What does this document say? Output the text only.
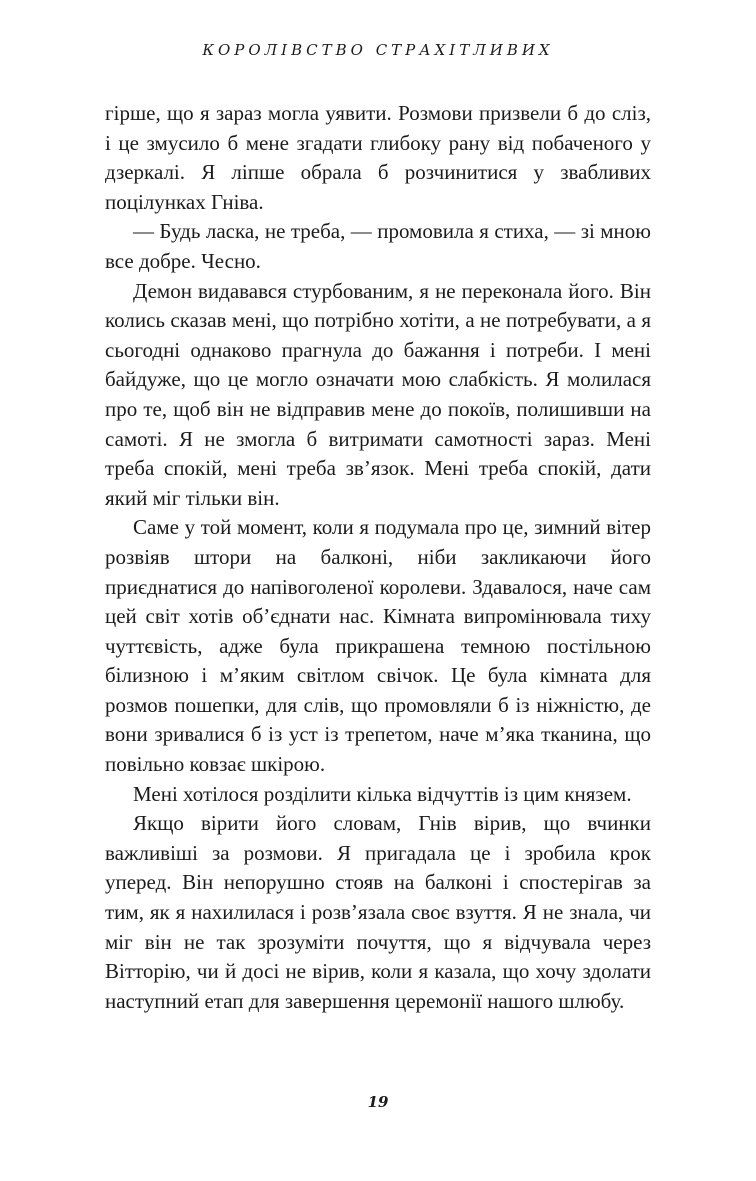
КОРОЛІВСТВО СТРАХІТЛИВИХ

гірше, що я зараз могла уявити. Розмови призвели б до сліз, і це змусило б мене згадати глибоку рану від побаченого у дзеркалі. Я ліпше обрала б розчинитися у звабливих поцілунках Гніва.

— Будь ласка, не треба, — промовила я стиха, — зі мною все добре. Чесно.

Демон видавався стурбованим, я не переконала його. Він колись сказав мені, що потрібно хотіти, а не потребувати, а я сьогодні однаково прагнула до бажання і потреби. І мені байдуже, що це могло означати мою слабкість. Я молилася про те, щоб він не відправив мене до покоїв, полишивши на самоті. Я не змогла б витримати самотності зараз. Мені треба спокій, мені треба зв’язок. Мені треба спокій, дати який міг тільки він.

Саме у той момент, коли я подумала про це, зимний вітер розвіяв штори на балконі, ніби закликаючи його приєднатися до напівоголеної королеви. Здавалося, наче сам цей світ хотів об’єднати нас. Кімната випромінювала тиху чуттєвість, адже була прикрашена темною постільною білизною і м’яким світлом свічок. Це була кімната для розмов пошепки, для слів, що промовляли б із ніжністю, де вони зривалися б із уст із трепетом, наче м’яка тканина, що повільно ковзає шкірою.

Мені хотілося розділити кілька відчуттів із цим князем.

Якщо вірити його словам, Гнів вірив, що вчинки важливіші за розмови. Я пригадала це і зробила крок уперед. Він непорушно стояв на балконі і спостерігав за тим, як я нахилилася і розв’язала своє взуття. Я не знала, чи міг він не так зрозуміти почуття, що я відчувала через Вітторію, чи й досі не вірив, коли я казала, що хочу здолати наступний етап для завершення церемонії нашого шлюбу.

19
